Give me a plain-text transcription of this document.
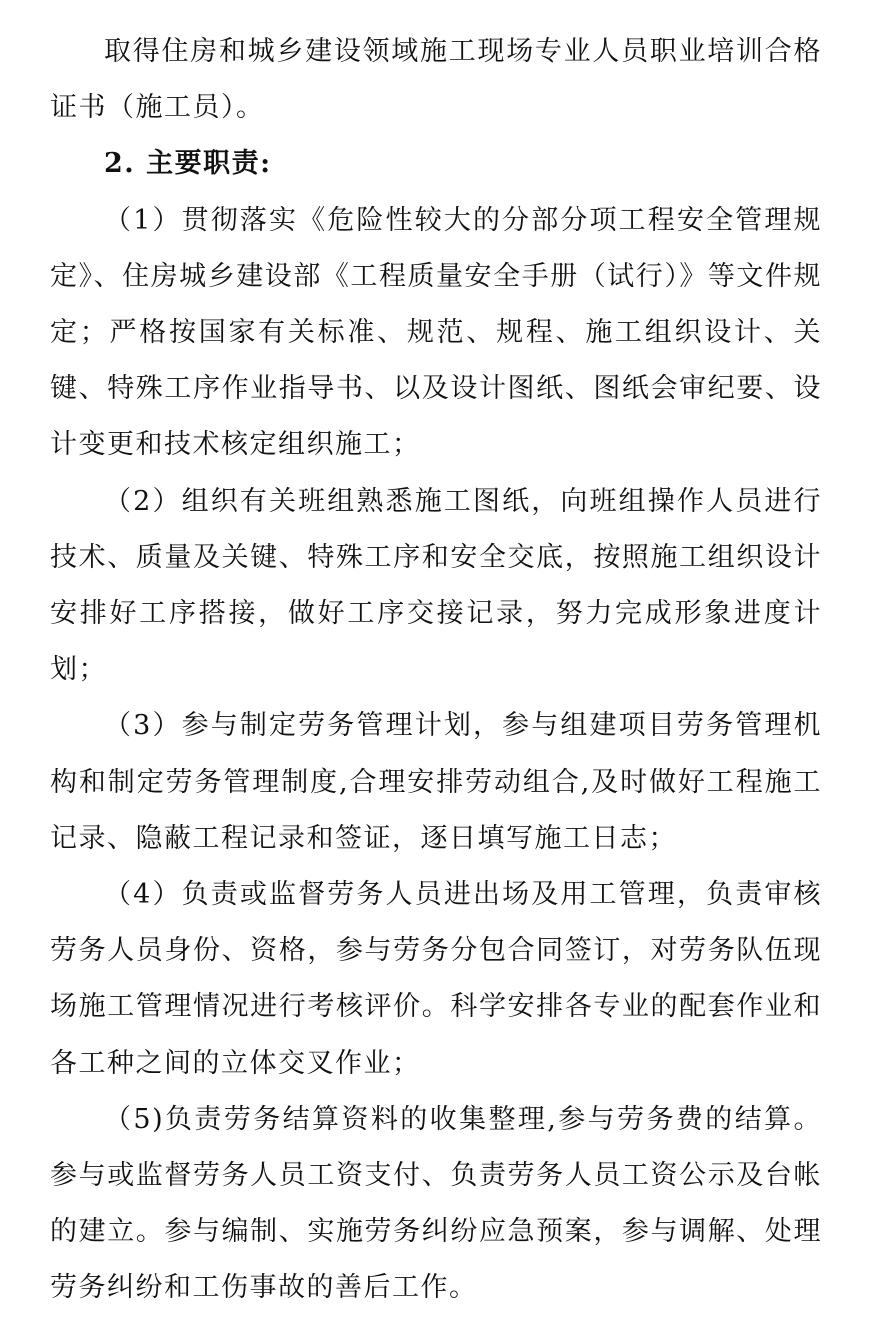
取得住房和城乡建设领域施工现场专业人员职业培训合格证书（施工员）。

2. 主要职责:

（1）贯彻落实《危险性较大的分部分项工程安全管理规定》、住房城乡建设部《工程质量安全手册（试行）》等文件规定；严格按国家有关标准、规范、规程、施工组织设计、关键、特殊工序作业指导书、以及设计图纸、图纸会审纪要、设计变更和技术核定组织施工；

（2）组织有关班组熟悉施工图纸，向班组操作人员进行技术、质量及关键、特殊工序和安全交底，按照施工组织设计安排好工序搭接，做好工序交接记录，努力完成形象进度计划；

（3）参与制定劳务管理计划，参与组建项目劳务管理机构和制定劳务管理制度,合理安排劳动组合,及时做好工程施工记录、隐蔽工程记录和签证，逐日填写施工日志；

（4）负责或监督劳务人员进出场及用工管理，负责审核劳务人员身份、资格，参与劳务分包合同签订，对劳务队伍现场施工管理情况进行考核评价。科学安排各专业的配套作业和各工种之间的立体交叉作业；

（5)负责劳务结算资料的收集整理,参与劳务费的结算。参与或监督劳务人员工资支付、负责劳务人员工资公示及台帐的建立。参与编制、实施劳务纠纷应急预案，参与调解、处理劳务纠纷和工伤事故的善后工作。
